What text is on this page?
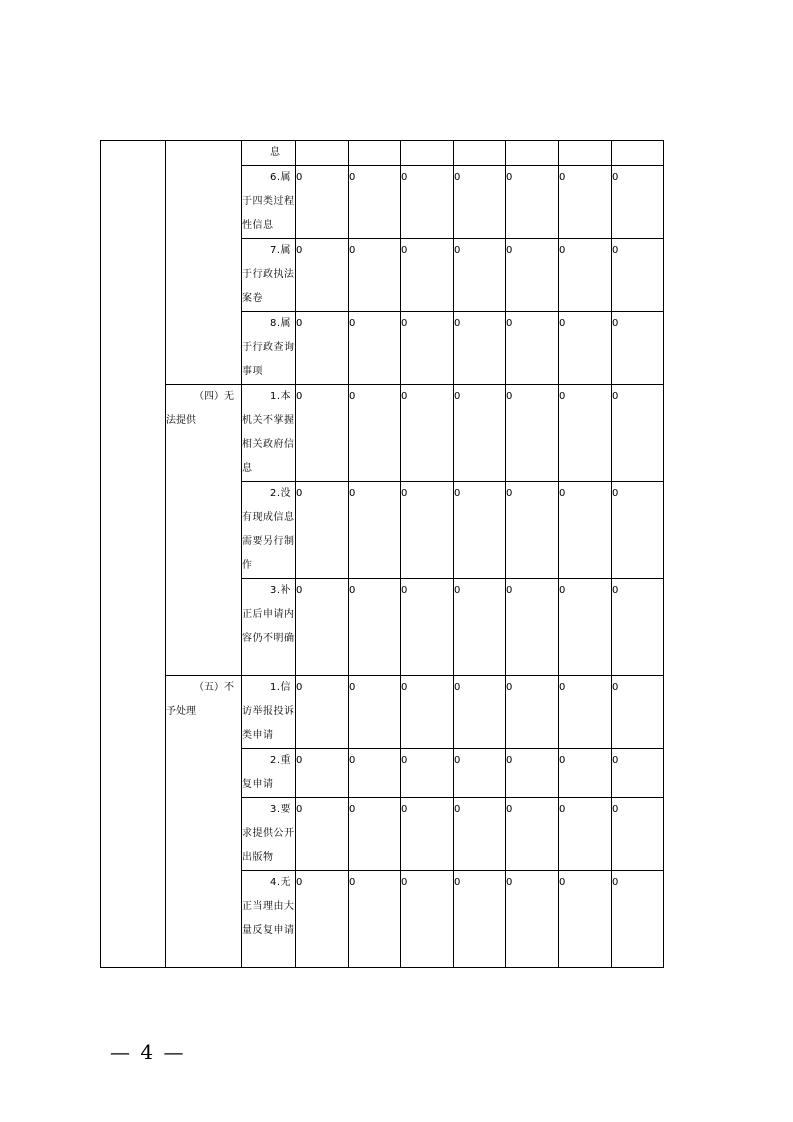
		息							

		6.属于四类过程性信息	0	0	0	0	0	0	0

		7.属于行政执法案卷	0	0	0	0	0	0	0

		8.属于行政查询事项	0	0	0	0	0	0	0

	（四）无法提供	1.本机关不掌握相关政府信息	0	0	0	0	0	0	0

		2.没有现成信息需要另行制作	0	0	0	0	0	0	0

		3.补正后申请内容仍不明确	0	0	0	0	0	0	0

	（五）不予处理	1.信访举报投诉类申请	0	0	0	0	0	0	0

		2.重复申请	0	0	0	0	0	0	0

		3.要求提供公开出版物	0	0	0	0	0	0	0

		4.无正当理由大量反复申请	0	0	0	0	0	0	0
— 4 —
